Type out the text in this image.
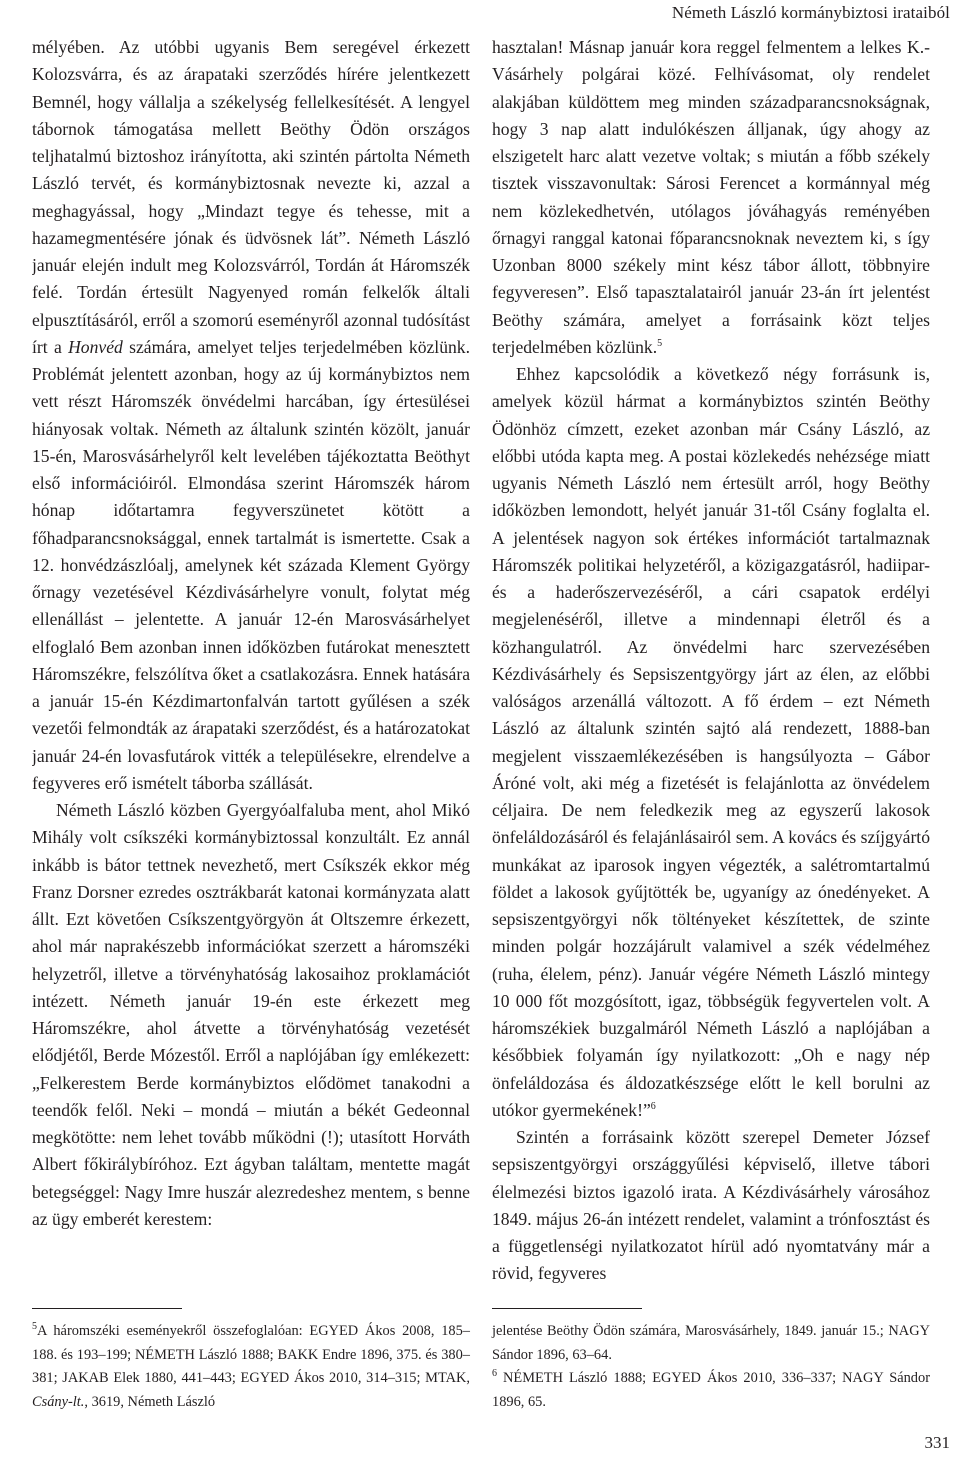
Németh László kormánybiztosi irataiból

mélyében. Az utóbbi ugyanis Bem seregével érkezett Kolozsvárra, és az árapataki szerződés hírére jelentkezett Bemnél, hogy vállalja a székelység fellelkesítését. A lengyel tábornok támogatása mellett Beöthy Ödön országos teljhatalmú biztoshoz irányította, aki szintén pártolta Németh László tervét, és kormánybiztosnak nevezte ki, azzal a meghagyással, hogy „Mindazt tegye és tehesse, mit a hazamegmentésére jónak és üdvösnek lát”. Németh László január elején indult meg Kolozsvárról, Tordán át Háromszék felé. Tordán értesült Nagyenyed román felkelők általi elpusztításáról, erről a szomorú eseményről azonnal tudósítást írt a Honvéd számára, amelyet teljes terjedelmében közlünk. Problémát jelentett azonban, hogy az új kormánybiztos nem vett részt Háromszék önvédelmi harcában, így értesülései hiányosak voltak. Németh az általunk szintén közölt, január 15-én, Marosvásárhelyről kelt levelében tájékoztatta Beöthyt első információiról. Elmondása szerint Háromszék három hónap időtartamra fegyverszünetet kötött a főhadparancsnoksággal, ennek tartalmát is ismertette. Csak a 12. honvédzászlóalj, amelynek két százada Klement György őrnagy vezetésével Kézdivásárhelyre vonult, folytat még ellenállást – jelentette. A január 12-én Marosvásárhelyet elfoglaló Bem azonban innen időközben futárokat menesztett Háromszékre, felszólítva őket a csatlakozásra. Ennek hatására a január 15-én Kézdimartonfalván tartott gyűlésen a szék vezetői felmondták az árapataki szerződést, és a határozatokat január 24-én lovasfutárok vitték a településekre, elrendelve a fegyveres erő ismételt táborba szállását.

Németh László közben Gyergyóalfaluba ment, ahol Mikó Mihály volt csíkszéki kormánybiztossal konzultált. Ez annál inkább is bátor tettnek nevezhető, mert Csíkszék ekkor még Franz Dorsner ezredes osztrákbarát katonai kormányzata alatt állt. Ezt követően Csíkszentgyörgyön át Oltszemre érkezett, ahol már naprakészebb információkat szerzett a háromszéki helyzetről, illetve a törvényhatóság lakosaihoz proklamációt intézett. Németh január 19-én este érkezett meg Háromszékre, ahol átvette a törvényhatóság vezetését elődjétől, Berde Mózestől. Erről a naplójában így emlékezett: „Felkerestem Berde kormánybiztos elődömet tanakodni a teendők felől. Neki – mondá – miután a békét Gedeonnal megkötötte: nem lehet tovább működni (!); utasított Horváth Albert főkirálybíróhoz. Ezt ágyban találtam, mentette magát betegséggel: Nagy Imre huszár alezredeshez mentem, s benne az ügy emberét kerestem:

hasztalan! Másnap január kora reggel felmentem a lelkes K.-Vásárhely polgárai közé. Felhívásomat, oly rendelet alakjában küldöttem meg minden századparancsnokságnak, hogy 3 nap alatt indulókészen álljanak, úgy ahogy az elszigetelt harc alatt vezetve voltak; s miután a főbb székely tisztek visszavonultak: Sárosi Ferencet a kormánnyal még nem közlekedhetvén, utólagos jóváhagyás reményében őrnagyi ranggal katonai főparancsnoknak neveztem ki, s így Uzonban 8000 székely mint kész tábor állott, többnyire fegyveresen”. Első tapasztalatairól január 23-án írt jelentést Beöthy számára, amelyet a forrásaink közt teljes terjedelmében közlünk.$^5$

Ehhez kapcsolódik a következő négy forrásunk is, amelyek közül hármat a kormánybiztos szintén Beöthy Ödönhöz címzett, ezeket azonban már Csány László, az előbbi utóda kapta meg. A postai közlekedés nehézsége miatt ugyanis Németh László nem értesült arról, hogy Beöthy időközben lemondott, helyét január 31-től Csány foglalta el. A jelentések nagyon sok értékes információt tartalmaznak Háromszék politikai helyzetéről, a közigazgatásról, hadiipar- és a haderőszervezéséről, a cári csapatok erdélyi megjelenéséről, illetve a mindennapi életről és a közhangulatról. Az önvédelmi harc szervezésében Kézdivásárhely és Sepsiszentgyörgy járt az élen, az előbbi valóságos arzenállá változott. A fő érdem – ezt Németh László az általunk szintén sajtó alá rendezett, 1888-ban megjelent visszaemlékezésében is hangsúlyozta – Gábor Áróné volt, aki még a fizetését is felajánlotta az önvédelem céljaira. De nem feledkezik meg az egyszerű lakosok önfeláldozásáról és felajánlásairól sem. A kovács és szíjgyártó munkákat az iparosok ingyen végezték, a salétromtartalmú földet a lakosok gyűjtötték be, ugyanígy az ónedényeket. A sepsiszentgyörgyi nők töltényeket készítettek, de szinte minden polgár hozzájárult valamivel a szék védelméhez (ruha, élelem, pénz). Január végére Németh László mintegy 10 000 főt mozgósított, igaz, többségük fegyvertelen volt. A háromszékiek buzgalmáról Németh László a naplójában a későbbiek folyamán így nyilatkozott: „Oh e nagy nép önfeláldozása és áldozatkészsége előtt le kell borulni az utókor gyermekének!”$^6$

Szintén a forrásaink között szerepel Demeter József sepsiszentgyörgyi országgyűlési képviselő, illetve tábori élelmezési biztos igazoló irata. A Kézdivásárhely városához 1849. május 26-án intézett rendelet, valamint a trónfosztást és a függetlenségi nyilatkozatot hírül adó nyomtatvány már a rövid, fegyveres

$^5$A háromszéki eseményekről összefoglalóan: EGYED Ákos 2008, 185–188. és 193–199; NÉMETH László 1888; BAKK Endre 1896, 375. és 380–381; JAKAB Elek 1880, 441–443; EGYED Ákos 2010, 314–315; MTAK, Csány-lt., 3619, Németh László

jelentése Beöthy Ödön számára, Marosvásárhely, 1849. január 15.; NAGY Sándor 1896, 63–64.

$^6$ NÉMETH László 1888; EGYED Ákos 2010, 336–337; NAGY Sándor 1896, 65.

331
